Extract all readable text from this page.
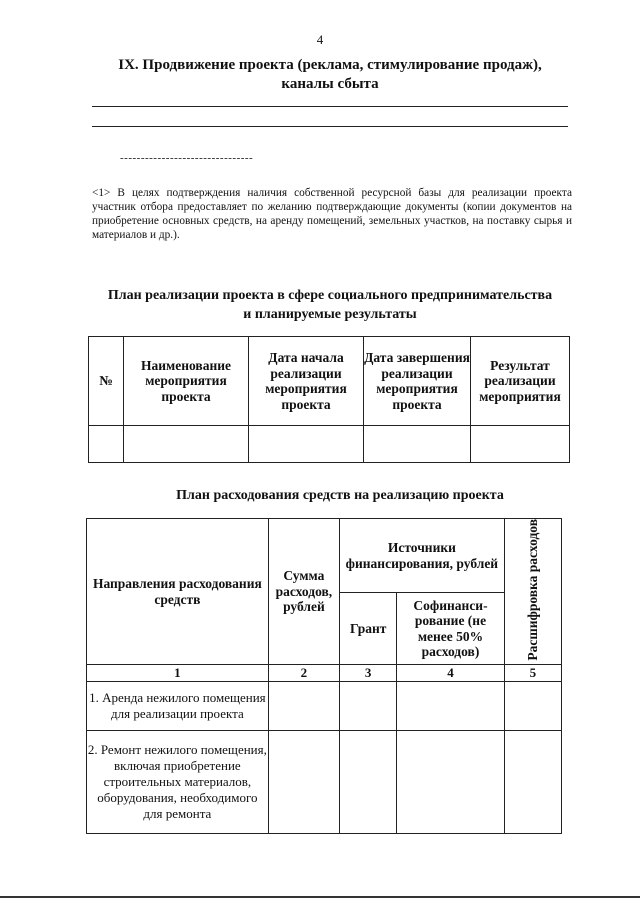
4
IX. Продвижение проекта (реклама, стимулирование продаж),
каналы сбыта
--------------------------------
<1> В целях подтверждения наличия собственной ресурсной базы для реализации проекта участник отбора предоставляет по желанию подтверждающие документы (копии документов на приобретение основных средств, на аренду помещений, земельных участков, на поставку сырья и материалов и др.).
План реализации проекта в сфере социального предпринимательства
и планируемые результаты
№	Наименование мероприятия проекта	Дата начала реализации мероприятия проекта	Дата завершения реализации мероприятия проекта	Результат реализации мероприятия

План расходования средств на реализацию проекта
Направления расходования средств	Сумма расходов, рублей	Источники финансирования, рублей		Расшифровка расходов
		Грант	Софинанси-рование (не менее 50% расходов)	
1	2	3	4	5
1. Аренда нежилого помещения для реализации проекта				
2. Ремонт нежилого помещения, включая приобретение строительных материалов, оборудования, необходимого для ремонта				
